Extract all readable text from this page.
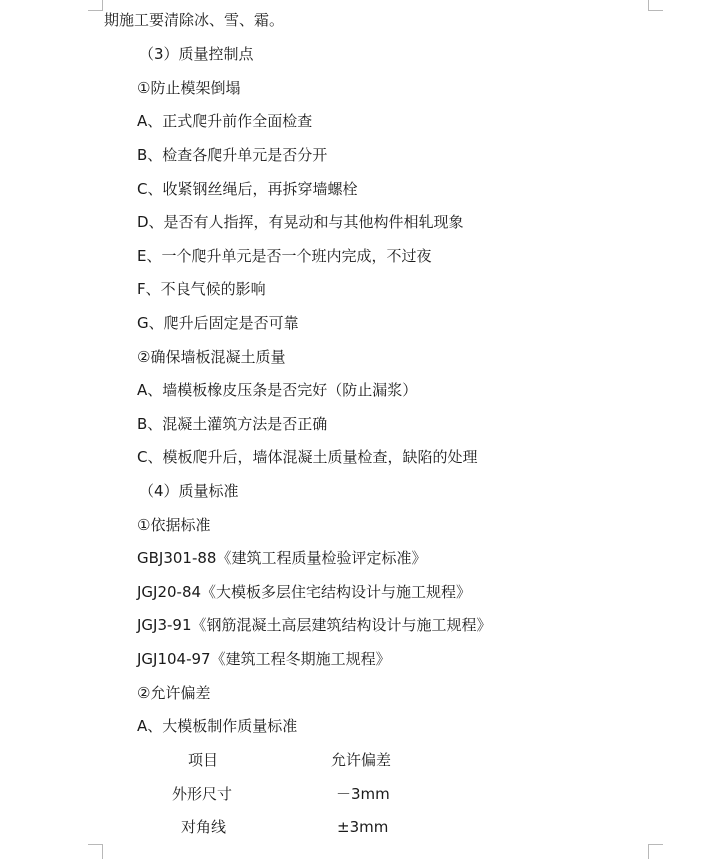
期施工要清除冰、雪、霜。
（3）质量控制点
①防止模架倒塌
A、正式爬升前作全面检查
B、检查各爬升单元是否分开
C、收紧钢丝绳后，再拆穿墙螺栓
D、是否有人指挥，有晃动和与其他构件相轧现象
E、一个爬升单元是否一个班内完成，不过夜
F、不良气候的影响
G、爬升后固定是否可靠
②确保墙板混凝土质量
A、墙模板橡皮压条是否完好（防止漏浆）
B、混凝土灌筑方法是否正确
C、模板爬升后，墙体混凝土质量检查，缺陷的处理
（4）质量标准
①依据标准
GBJ301-88《建筑工程质量检验评定标准》
JGJ20-84《大模板多层住宅结构设计与施工规程》
JGJ3-91《钢筋混凝土高层建筑结构设计与施工规程》
JGJ104-97《建筑工程冬期施工规程》
②允许偏差
A、大模板制作质量标准
项目	允许偏差
外形尺寸	－3mm
对角线	±3mm
